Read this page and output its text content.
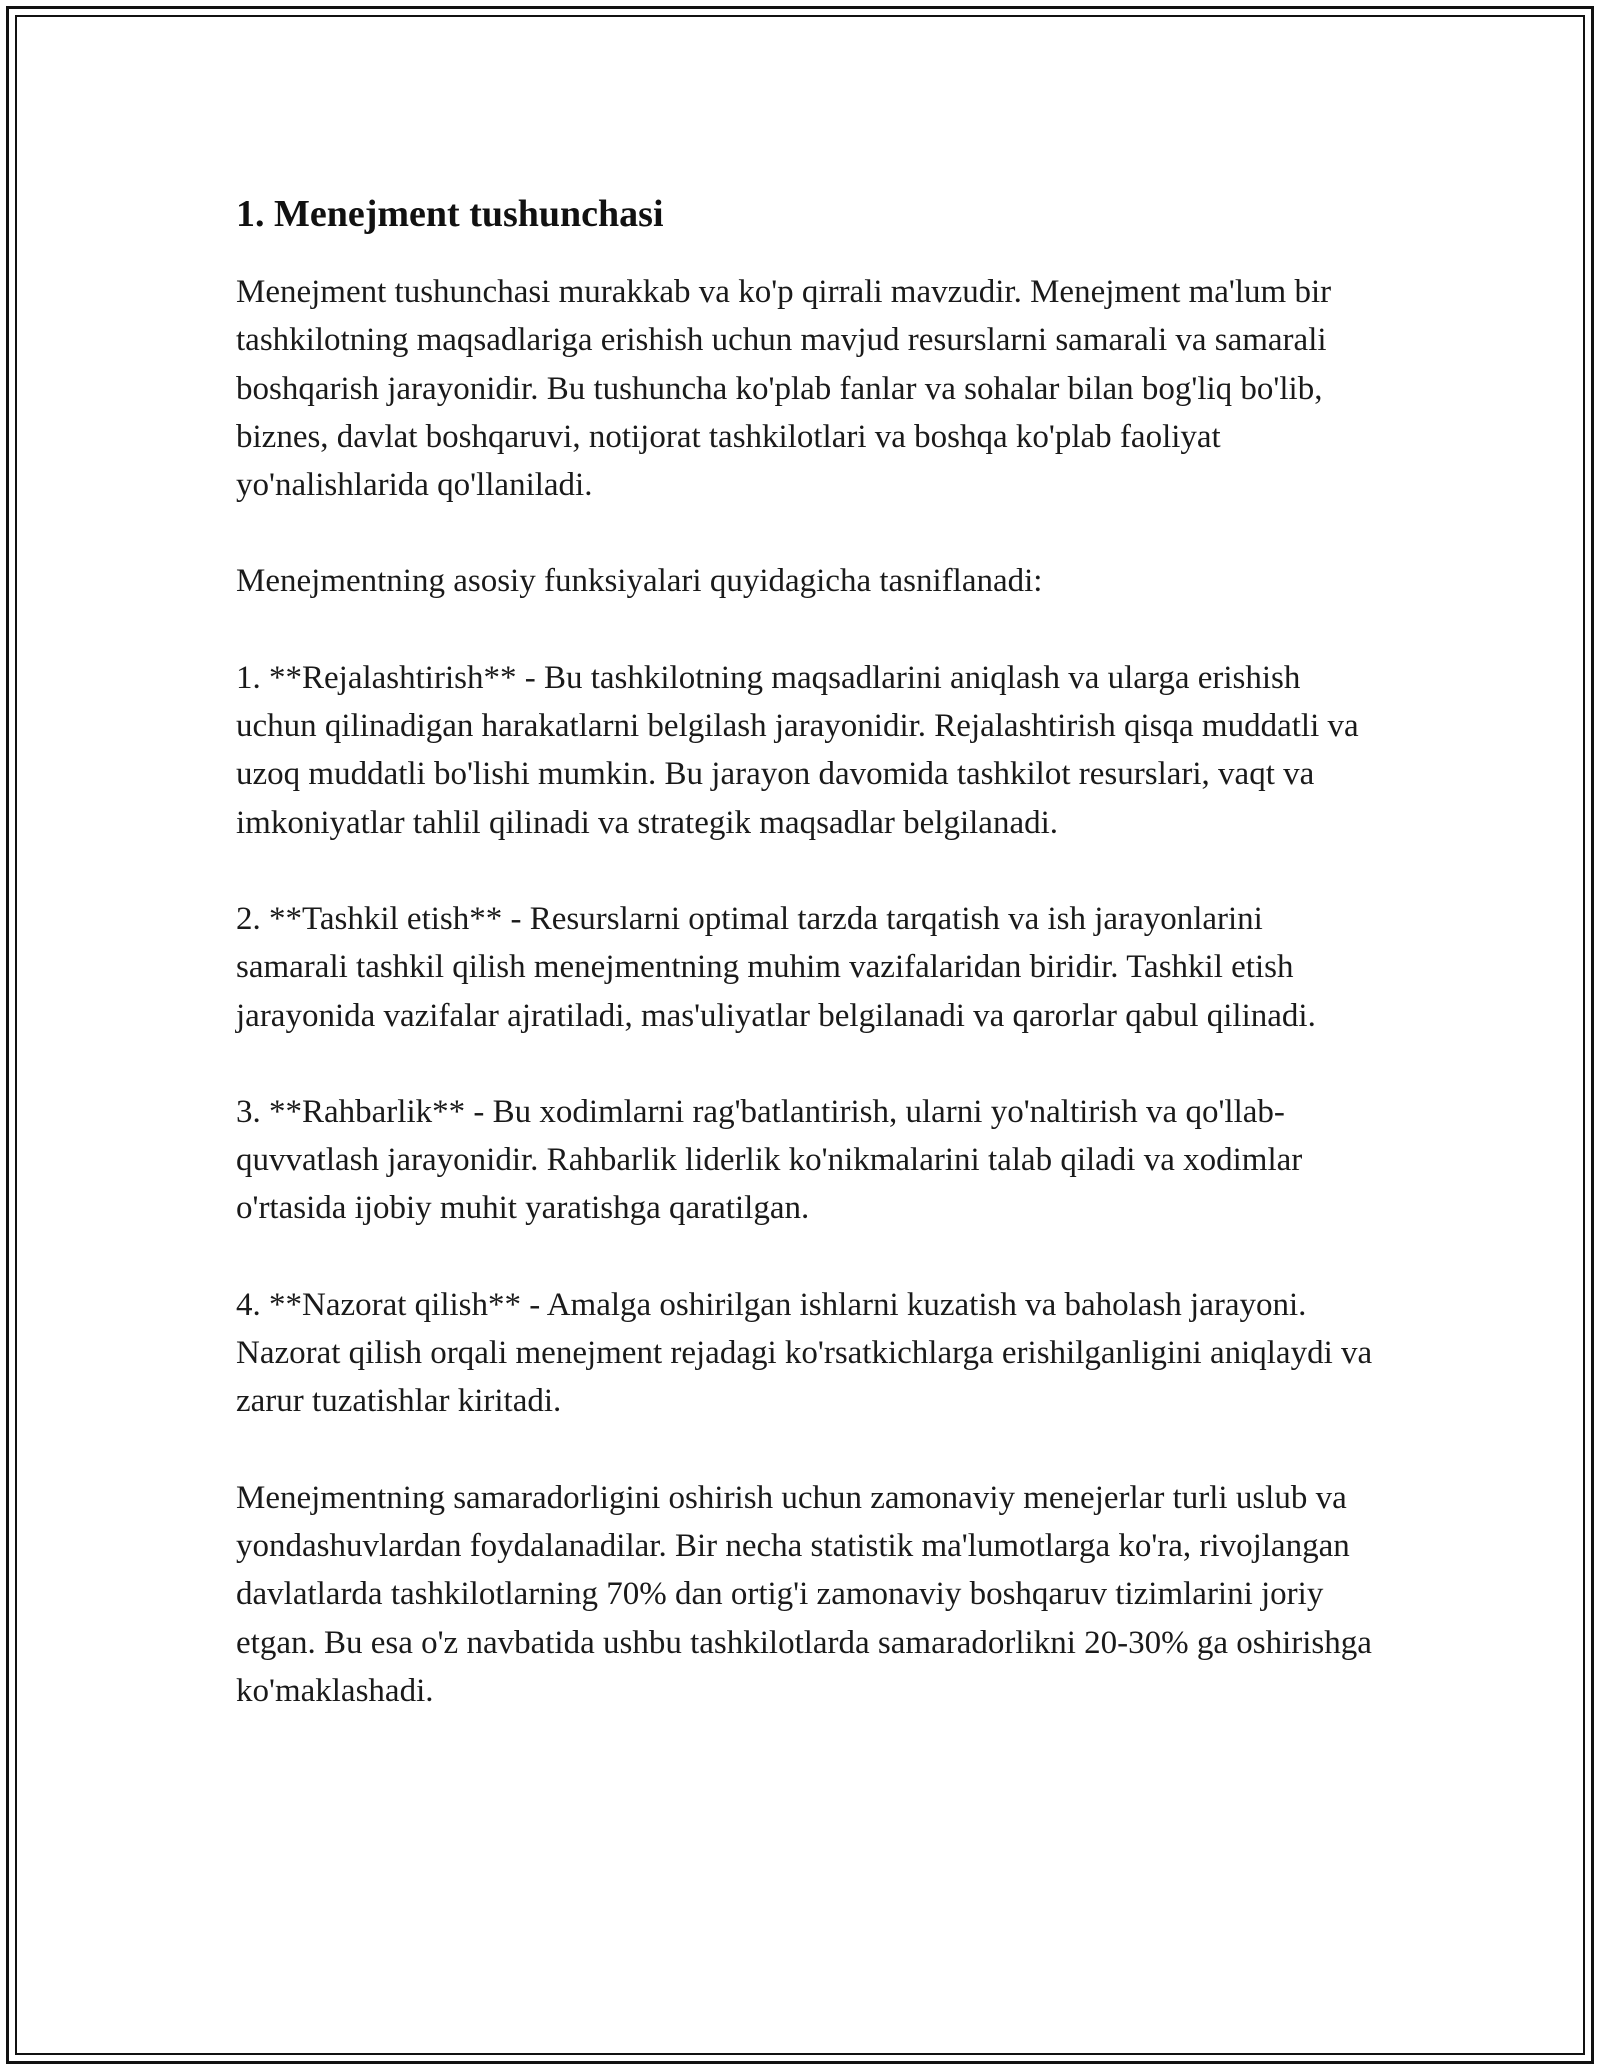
1. Menejment tushunchasi

Menejment tushunchasi murakkab va ko'p qirrali mavzudir. Menejment ma'lum bir tashkilotning maqsadlariga erishish uchun mavjud resurslarni samarali va samarali boshqarish jarayonidir. Bu tushuncha ko'plab fanlar va sohalar bilan bog'liq bo'lib, biznes, davlat boshqaruvi, notijorat tashkilotlari va boshqa ko'plab faoliyat yo'nalishlarida qo'llaniladi.

Menejmentning asosiy funksiyalari quyidagicha tasniflanadi:

1. **Rejalashtirish** - Bu tashkilotning maqsadlarini aniqlash va ularga erishish uchun qilinadigan harakatlarni belgilash jarayonidir. Rejalashtirish qisqa muddatli va uzoq muddatli bo'lishi mumkin. Bu jarayon davomida tashkilot resurslari, vaqt va imkoniyatlar tahlil qilinadi va strategik maqsadlar belgilanadi.

2. **Tashkil etish** - Resurslarni optimal tarzda tarqatish va ish jarayonlarini samarali tashkil qilish menejmentning muhim vazifalaridan biridir. Tashkil etish jarayonida vazifalar ajratiladi, mas'uliyatlar belgilanadi va qarorlar qabul qilinadi.

3. **Rahbarlik** - Bu xodimlarni rag'batlantirish, ularni yo'naltirish va qo'llab-quvvatlash jarayonidir. Rahbarlik liderlik ko'nikmalarini talab qiladi va xodimlar o'rtasida ijobiy muhit yaratishga qaratilgan.

4. **Nazorat qilish** - Amalga oshirilgan ishlarni kuzatish va baholash jarayoni. Nazorat qilish orqali menejment rejadagi ko'rsatkichlarga erishilganligini aniqlaydi va zarur tuzatishlar kiritadi.

Menejmentning samaradorligini oshirish uchun zamonaviy menejerlar turli uslub va yondashuvlardan foydalanadilar. Bir necha statistik ma'lumotlarga ko'ra, rivojlangan davlatlarda tashkilotlarning 70% dan ortig'i zamonaviy boshqaruv tizimlarini joriy etgan. Bu esa o'z navbatida ushbu tashkilotlarda samaradorlikni 20-30% ga oshirishga ko'maklashadi.
